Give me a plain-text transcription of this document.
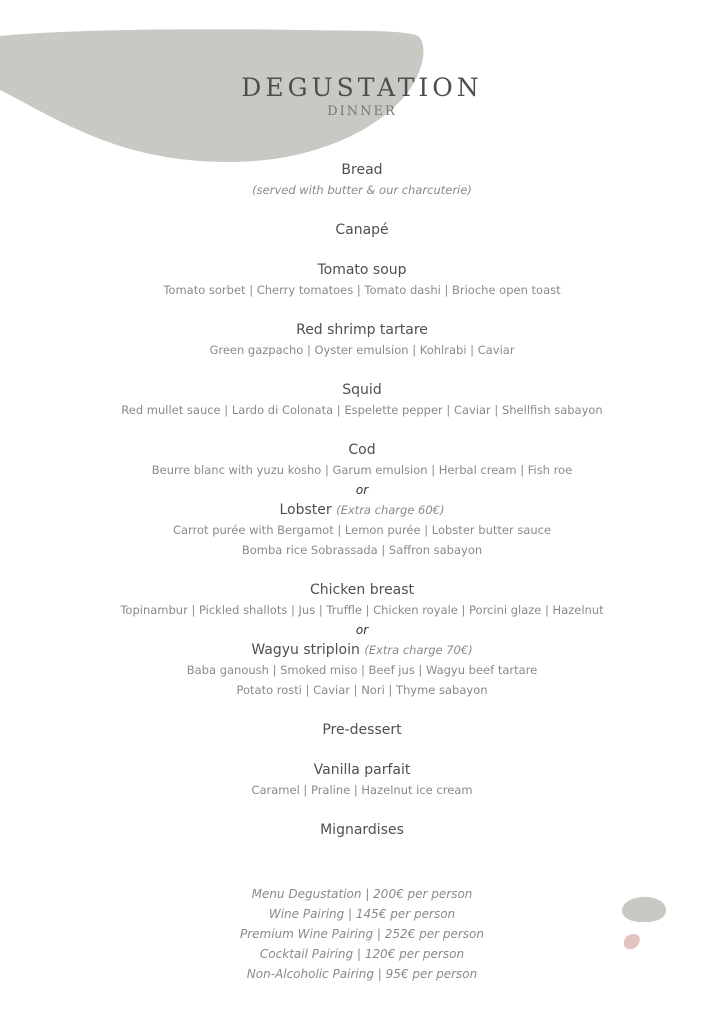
DEGUSTATION
DINNER
Bread
(served with butter & our charcuterie)
Canapé
Tomato soup
Tomato sorbet | Cherry tomatoes | Tomato dashi | Brioche open toast
Red shrimp tartare
Green gazpacho | Oyster emulsion | Kohlrabi | Caviar
Squid
Red mullet sauce | Lardo di Colonata | Espelette pepper | Caviar | Shellfish sabayon
Cod
Beurre blanc with yuzu kosho | Garum emulsion | Herbal cream | Fish roe
or
Lobster (Extra charge 60€)
Carrot purée with Bergamot | Lemon purée | Lobster butter sauce
Bomba rice Sobrassada | Saffron sabayon
Chicken breast
Topinambur | Pickled shallots | Jus | Truffle | Chicken royale | Porcini glaze | Hazelnut
or
Wagyu striploin (Extra charge 70€)
Baba ganoush | Smoked miso | Beef jus | Wagyu beef tartare
Potato rosti | Caviar | Nori | Thyme sabayon
Pre-dessert
Vanilla parfait
Caramel | Praline | Hazelnut ice cream
Mignardises
Menu Degustation | 200€ per person
Wine Pairing | 145€ per person
Premium Wine Pairing | 252€ per person
Cocktail Pairing | 120€ per person
Non-Alcoholic Pairing | 95€ per person
